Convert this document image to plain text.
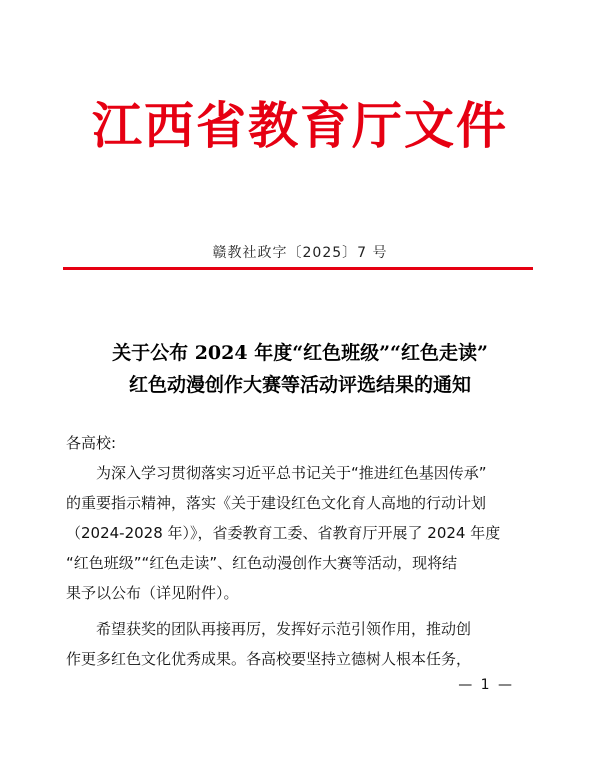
江西省教育厅文件
赣教社政字〔2025〕7 号
关于公布 2024 年度“红色班级”“红色走读”
红色动漫创作大赛等活动评选结果的通知
各高校:
为深入学习贯彻落实习近平总书记关于“推进红色基因传承”
的重要指示精神，落实《关于建设红色文化育人高地的行动计划
（2024-2028 年）》，省委教育工委、省教育厅开展了 2024 年度
“红色班级”“红色走读”、红色动漫创作大赛等活动，现将结
果予以公布（详见附件）。
希望获奖的团队再接再厉，发挥好示范引领作用，推动创
作更多红色文化优秀成果。各高校要坚持立德树人根本任务，
— 1 —
